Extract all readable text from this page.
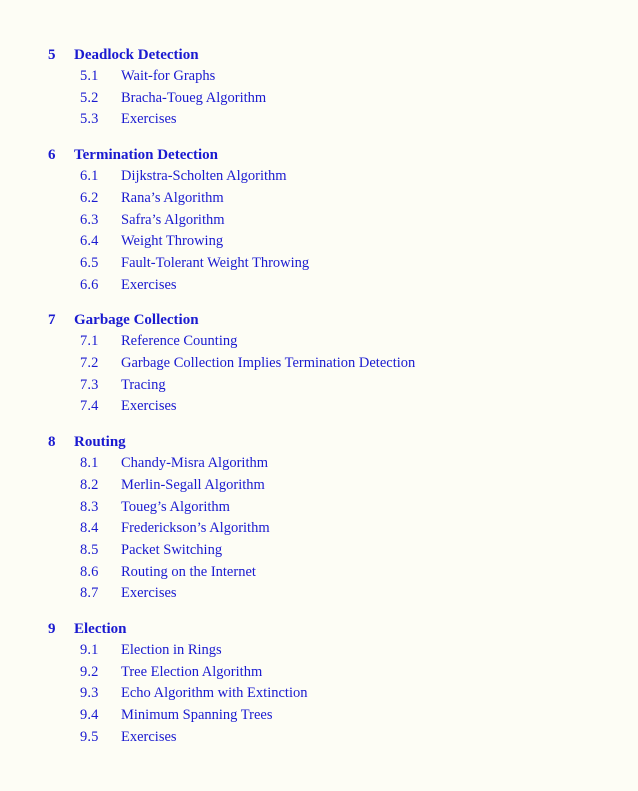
5	Deadlock Detection
5.1	Wait-for Graphs
5.2	Bracha-Toueg Algorithm
5.3	Exercises
6	Termination Detection
6.1	Dijkstra-Scholten Algorithm
6.2	Rana’s Algorithm
6.3	Safra’s Algorithm
6.4	Weight Throwing
6.5	Fault-Tolerant Weight Throwing
6.6	Exercises
7	Garbage Collection
7.1	Reference Counting
7.2	Garbage Collection Implies Termination Detection
7.3	Tracing
7.4	Exercises
8	Routing
8.1	Chandy-Misra Algorithm
8.2	Merlin-Segall Algorithm
8.3	Toueg’s Algorithm
8.4	Frederickson’s Algorithm
8.5	Packet Switching
8.6	Routing on the Internet
8.7	Exercises
9	Election
9.1	Election in Rings
9.2	Tree Election Algorithm
9.3	Echo Algorithm with Extinction
9.4	Minimum Spanning Trees
9.5	Exercises
